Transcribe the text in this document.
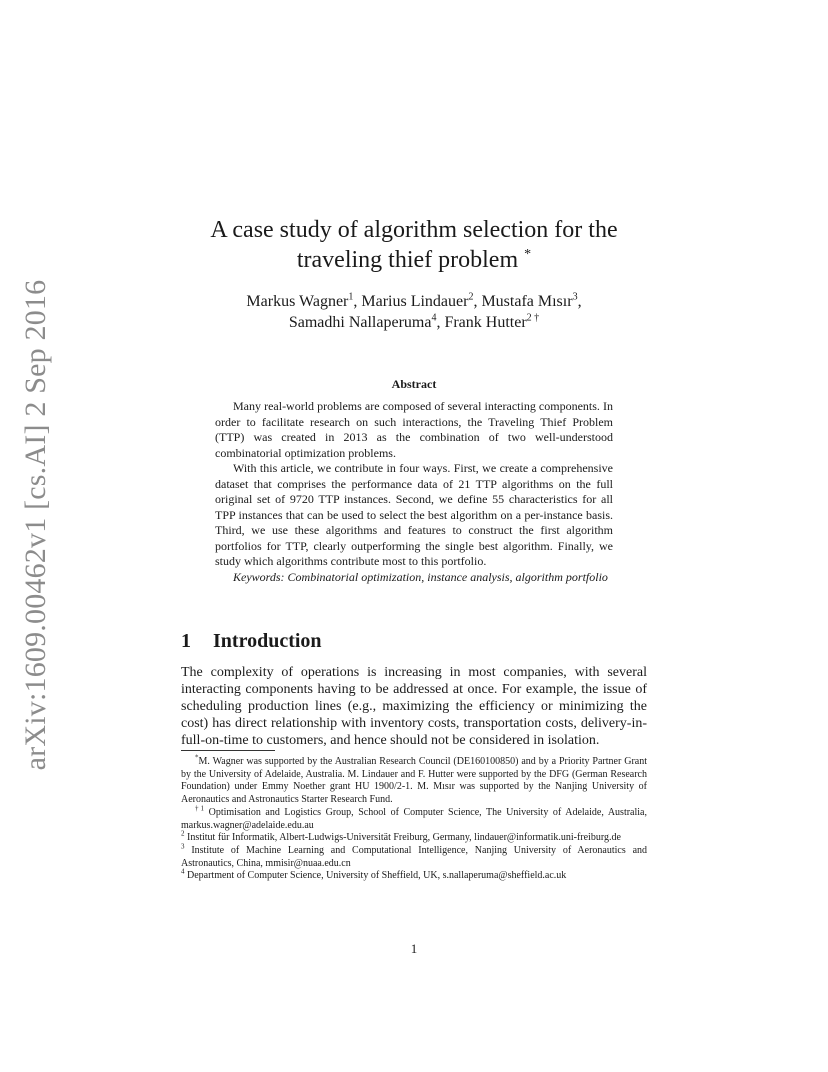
arXiv:1609.00462v1 [cs.AI] 2 Sep 2016
A case study of algorithm selection for the
traveling thief problem *
Markus Wagner$^1$, Marius Lindauer$^2$, Mustafa Mısır$^3$,
Samadhi Nallaperuma$^4$, Frank Hutter$^{2 \dagger}$
Abstract

Many real-world problems are composed of several interacting components. In order to facilitate research on such interactions, the Traveling Thief Problem (TTP) was created in 2013 as the combination of two well-understood combinatorial optimization problems.

With this article, we contribute in four ways. First, we create a comprehensive dataset that comprises the performance data of 21 TTP algorithms on the full original set of 9720 TTP instances. Second, we define 55 characteristics for all TPP instances that can be used to select the best algorithm on a per-instance basis. Third, we use these algorithms and features to construct the first algorithm portfolios for TTP, clearly outperforming the single best algorithm. Finally, we study which algorithms contribute most to this portfolio.

Keywords: Combinatorial optimization, instance analysis, algorithm portfolio

1 Introduction

The complexity of operations is increasing in most companies, with several interacting components having to be addressed at once. For example, the issue of scheduling production lines (e.g., maximizing the efficiency or minimizing the cost) has direct relationship with inventory costs, transportation costs, delivery-in-full-on-time to customers, and hence should not be considered in isolation.

*M. Wagner was supported by the Australian Research Council (DE160100850) and by a Priority Partner Grant by the University of Adelaide, Australia. M. Lindauer and F. Hutter were supported by the DFG (German Research Foundation) under Emmy Noether grant HU 1900/2-1. M. Mısır was supported by the Nanjing University of Aeronautics and Astronautics Starter Research Fund.

$^{\dagger 1}$ Optimisation and Logistics Group, School of Computer Science, The University of Adelaide, Australia, markus.wagner@adelaide.edu.au

$^2$ Institut für Informatik, Albert-Ludwigs-Universität Freiburg, Germany, lindauer@informatik.uni-freiburg.de

$^3$ Institute of Machine Learning and Computational Intelligence, Nanjing University of Aeronautics and Astronautics, China, mmisir@nuaa.edu.cn

$^4$ Department of Computer Science, University of Sheffield, UK, s.nallaperuma@sheffield.ac.uk

1
